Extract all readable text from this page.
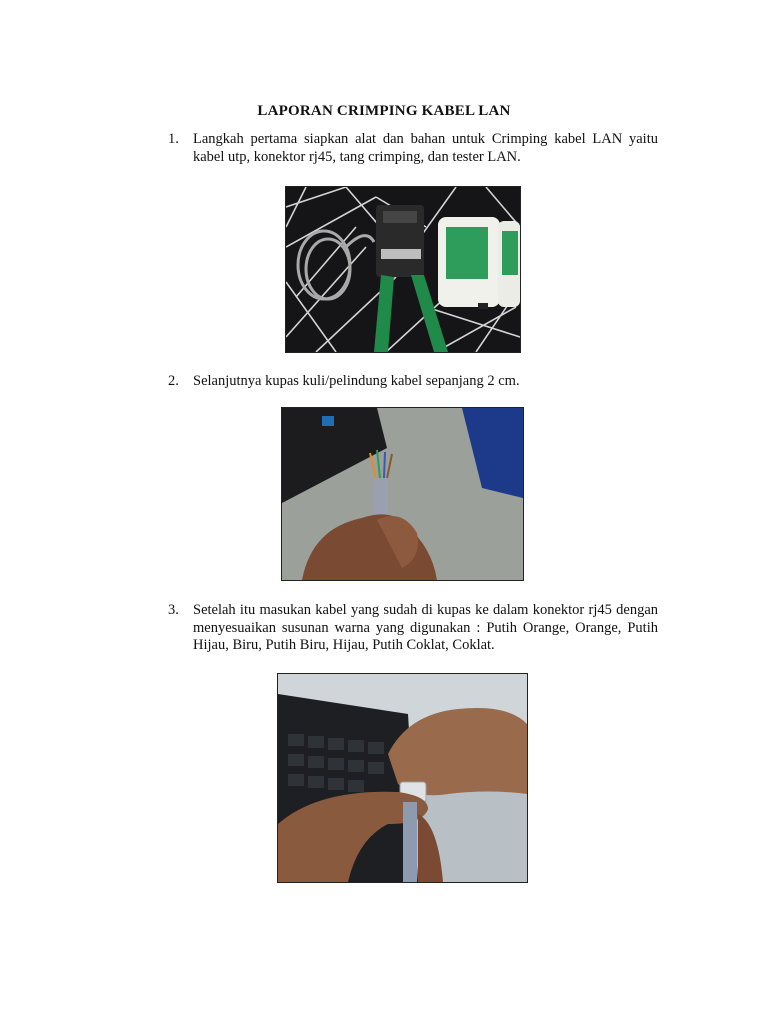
LAPORAN CRIMPING KABEL LAN
1. Langkah pertama siapkan alat dan bahan untuk Crimping kabel LAN yaitu kabel utp, konektor rj45, tang crimping, dan tester LAN.
2. Selanjutnya kupas kuli/pelindung kabel sepanjang 2 cm.
3. Setelah itu masukan kabel yang sudah di kupas ke dalam konektor rj45 dengan menyesuaikan susunan warna yang digunakan : Putih Orange, Orange, Putih Hijau, Biru, Putih Biru, Hijau, Putih Coklat, Coklat.
